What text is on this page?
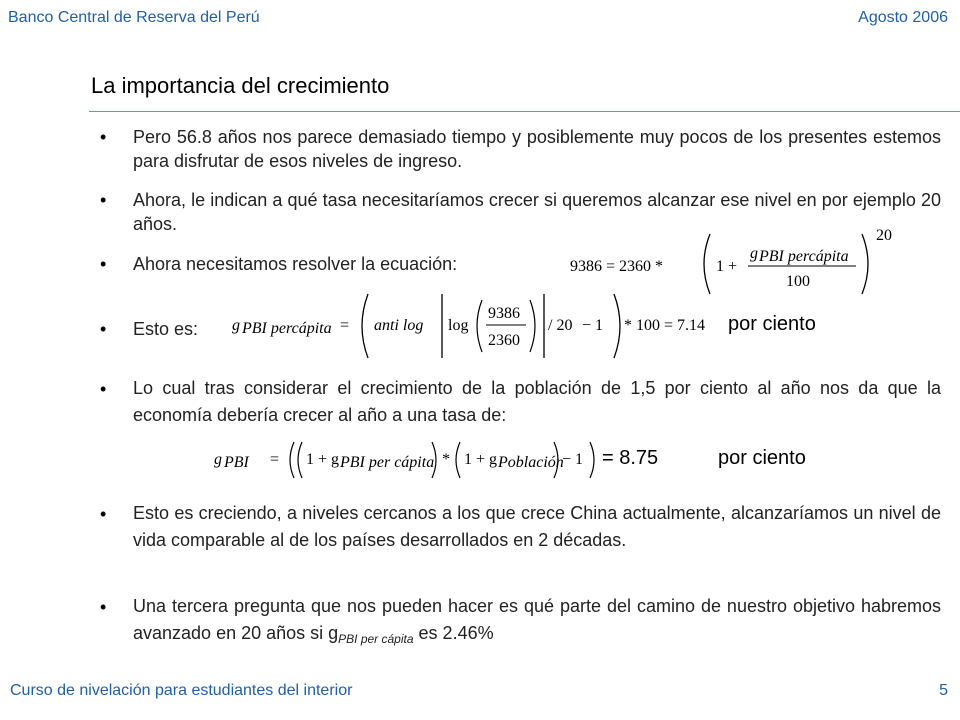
Banco Central de Reserva del Perú	Agosto 2006
La importancia del crecimiento
•	Pero 56.8 años nos parece demasiado tiempo y posiblemente muy pocos de los presentes estemos para disfrutar de esos niveles de ingreso.
•	Ahora, le indican a qué tasa necesitaríamos crecer si queremos alcanzar ese nivel en por ejemplo 20 años.
•	Ahora necesitamos resolver la ecuación:	9386 = 2360 *	1 +
g PBI percápita
100
20
•	Esto es:	g PBI percápita = anti log log
9386
2360
/ 20 − 1 * 100 = 7.14 por ciento
•	Lo cual tras considerar el crecimiento de la población de 1,5 por ciento al año nos da que la economía debería crecer al año a una tasa de:
g PBI = 1 + g PBI per cápita * 1 + g Población
− 1 = 8.75	por ciento
•	Esto es creciendo, a niveles cercanos a los que crece China actualmente, alcanzaríamos un nivel de vida comparable al de los países desarrollados en 2 décadas.
•	Una tercera pregunta que nos pueden hacer es qué parte del camino de nuestro objetivo habremos avanzado en 20 años si $g_{PBI per cápita}$ es 2.46%
Curso de nivelación para estudiantes del interior	5
